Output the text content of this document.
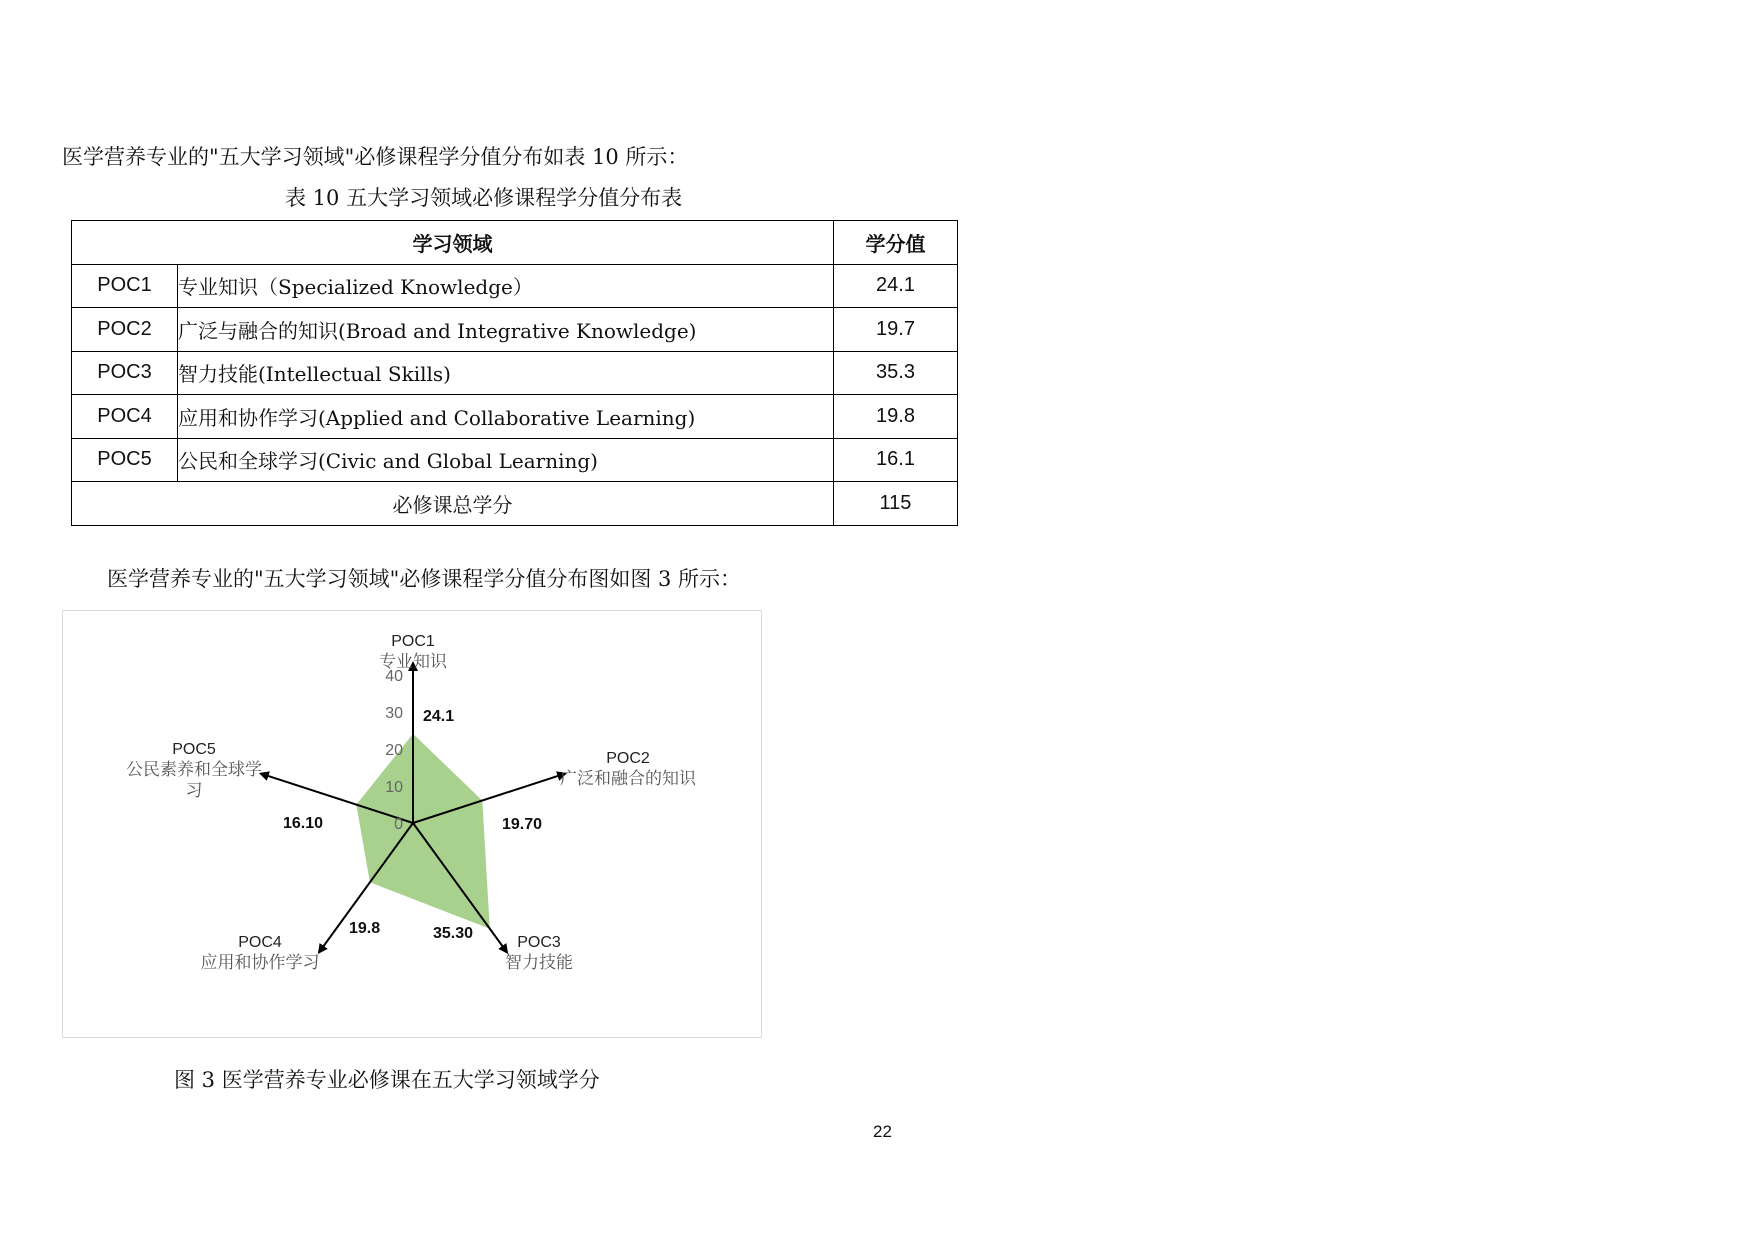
医学营养专业的"五大学习领域"必修课程学分值分布如表 10 所示：
表 10 五大学习领域必修课程学分值分布表
学习领域		学分值
POC1	专业知识（Specialized Knowledge）	24.1
POC2	广泛与融合的知识(Broad and Integrative Knowledge)	19.7
POC3	智力技能(Intellectual Skills)	35.3
POC4	应用和协作学习(Applied and Collaborative Learning)	19.8
POC5	公民和全球学习(Civic and Global Learning)	16.1
必修课总学分		115
医学营养专业的"五大学习领域"必修课程学分值分布图如图 3 所示：
0
10
20
30
40
POC1
专业知识
24.1
POC2
广泛和融合的知识
19.70
POC3
智力技能
35.30
POC4
应用和协作学习
19.8
POC5
公民素养和全球学
习
16.10
图 3 医学营养专业必修课在五大学习领域学分
22
